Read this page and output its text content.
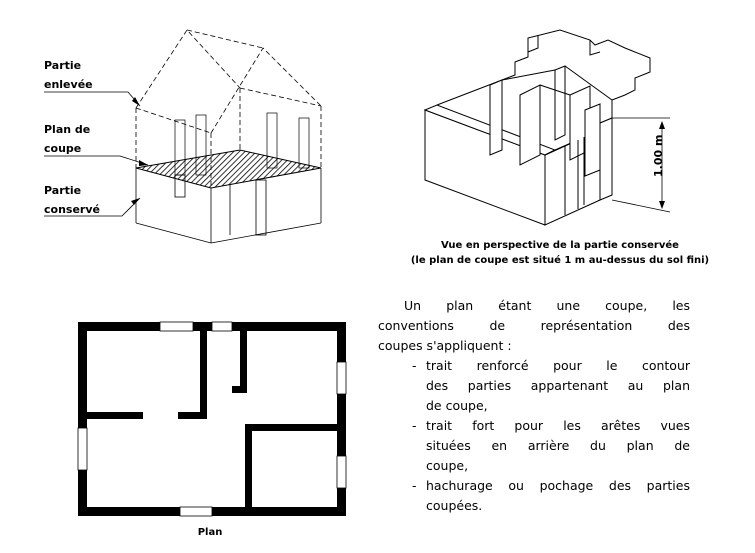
Partie
enlevée
Plan de
coupe
Partie
conservé
1.00 m
Vue en perspective de la partie conservée
(le plan de coupe est situé 1 m au-dessus du sol fini)
Plan

Un plan étant une coupe, les

conventions de représentation des

coupes s'appliquent :

- trait renforcé pour le contour

des parties appartenant au plan

de coupe,

- trait fort pour les arêtes vues

situées en arrière du plan de

coupe,

- hachurage ou pochage des parties

coupées.
